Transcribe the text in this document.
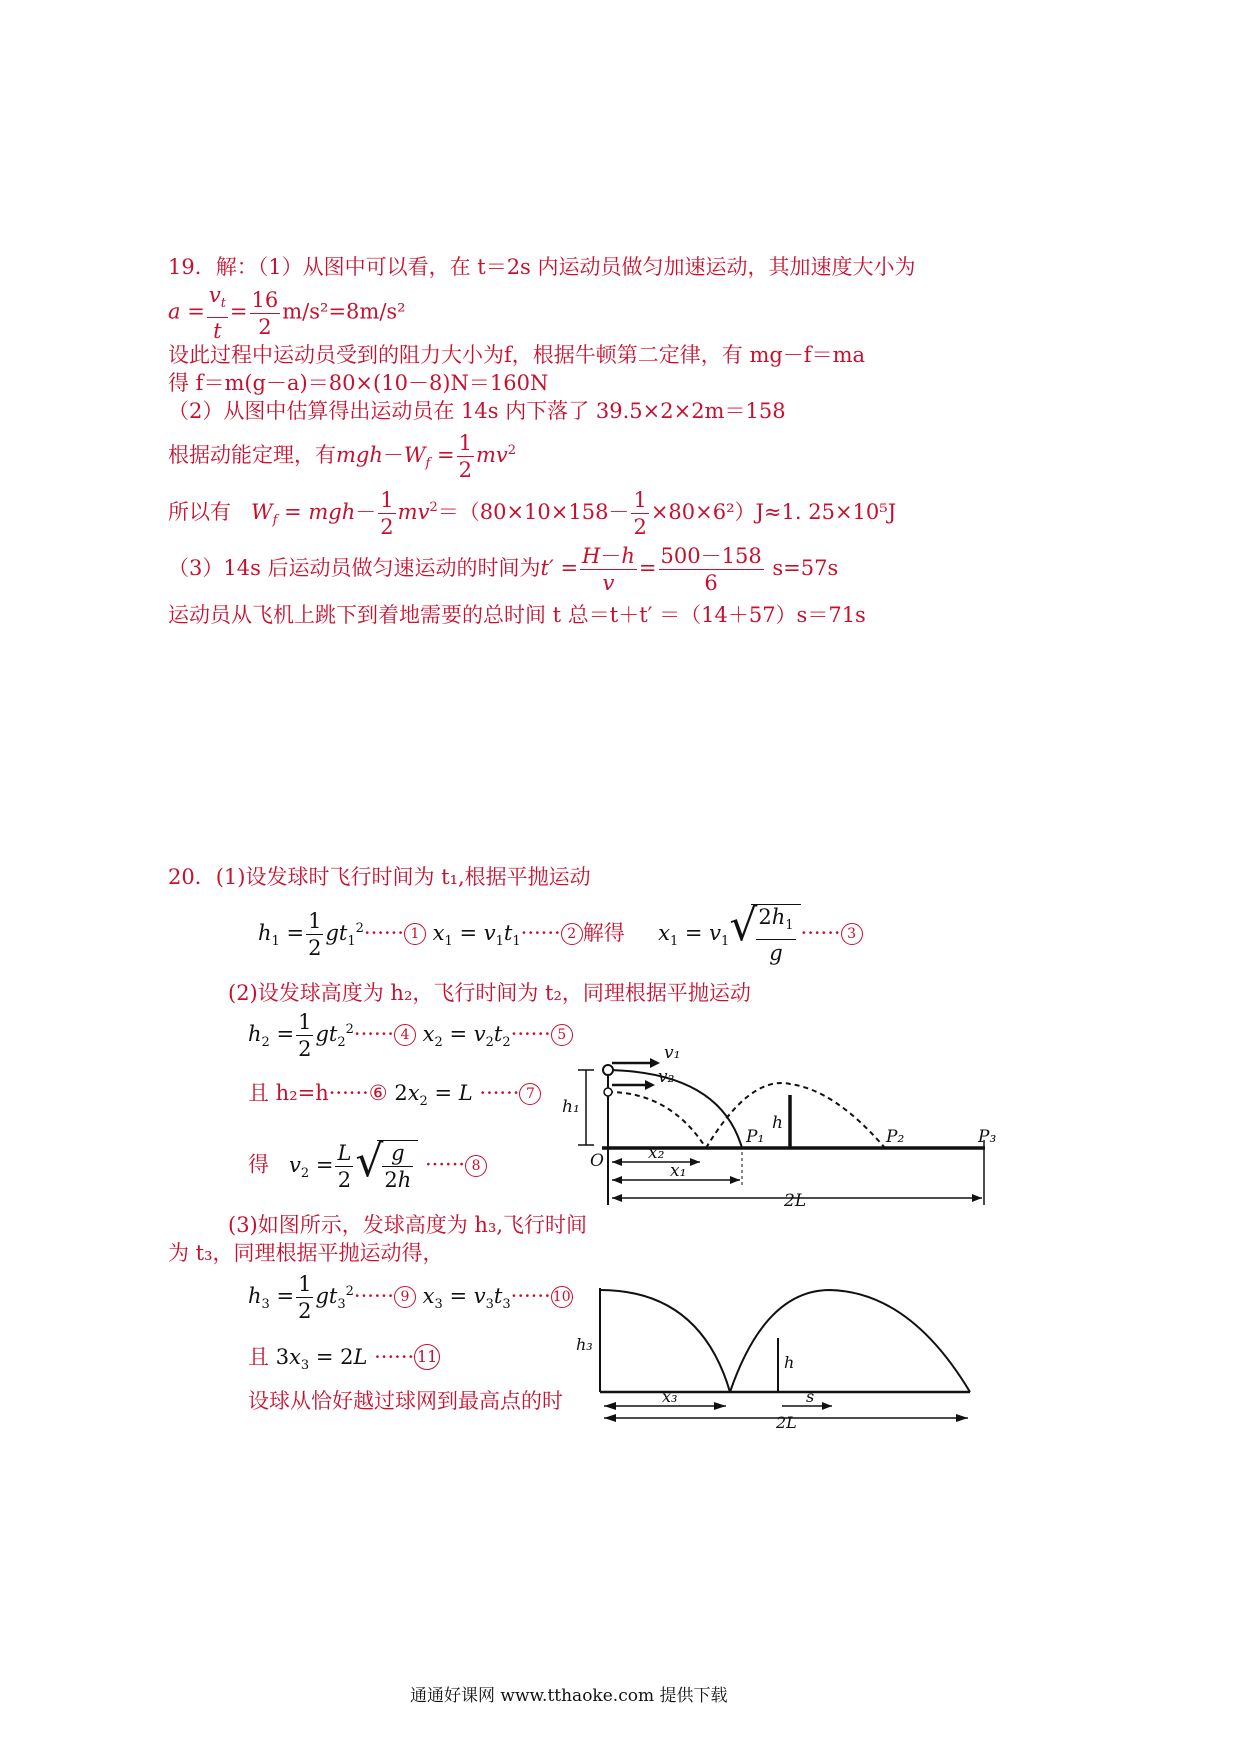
19．解：（1）从图中可以看，在 t＝2s 内运动员做匀加速运动，其加速度大小为
$a = \frac{v_t}{t} = \frac{16}{2} m/s^2=8m/s^2$
设此过程中运动员受到的阻力大小为f，根据牛顿第二定律，有 mg－f＝ma
得 f＝m(g－a)＝80×(10－8)N＝160N
（2）从图中估算得出运动员在 14s 内下落了 39.5×2×2m＝158
根据动能定理，有$mgh-W_f = \frac{1}{2} mv^2$
所以有 $W_f = mgh- \frac{1}{2} mv^2=(80\times 10\times 158- \frac{1}{2} \times 80\times 6^2)J\approx 1$. 25×10⁵J
（3）14s 后运动员做匀速运动的时间为$t' = \frac{H-h}{v} = \frac{500-158}{6} s=57s$
运动员从飞机上跳下到着地需要的总时间 t 总＝t＋t′ ＝（14＋57）s＝71s
20．(1)设发球时飞行时间为 t₁,根据平抛运动
$h_1 = \frac{1}{2} gt_1^2\cdot\cdot\cdot\cdot\cdot\cdot 1$ $x_1 = v_1t_1\cdot\cdot\cdot\cdot\cdot\cdot 2$ 解得 $x_1 = v_1$ √
$\frac{2h_1}{g}$ ······ 3
(2)设发球高度为 h₂，飞行时间为 t₂，同理根据平抛运动
$h_2 = \frac{1}{2} gt_2^2\cdot\cdot\cdot\cdot\cdot\cdot 4$ $x_2 = v_2t_2\cdot\cdot\cdot\cdot\cdot\cdot 5$
且 h₂=h······⑥ $2x_2 = L$ ······ 7
得 $v_2 = \frac{L}{2}$ √
$\frac{g}{2h}$ ······ 8
(3)如图所示，发球高度为 h₃,飞行时间
为 t₃，同理根据平抛运动得，
$h_3 = \frac{1}{2} gt_3^2\cdot\cdot\cdot\cdot\cdot\cdot 9$ $x_3 = v_3t_3\cdot\cdot\cdot\cdot\cdot\cdot 10$
且 $3x_3 = 2L$ ······ 11
设球从恰好越过球网到最高点的时
v₁
v₂
h₁
h
P₁	P₂	P₃
O	x₂
x₁
2L
h₃
h
x₃	s
2L
通通好课网 www.tthaoke.com 提供下载
